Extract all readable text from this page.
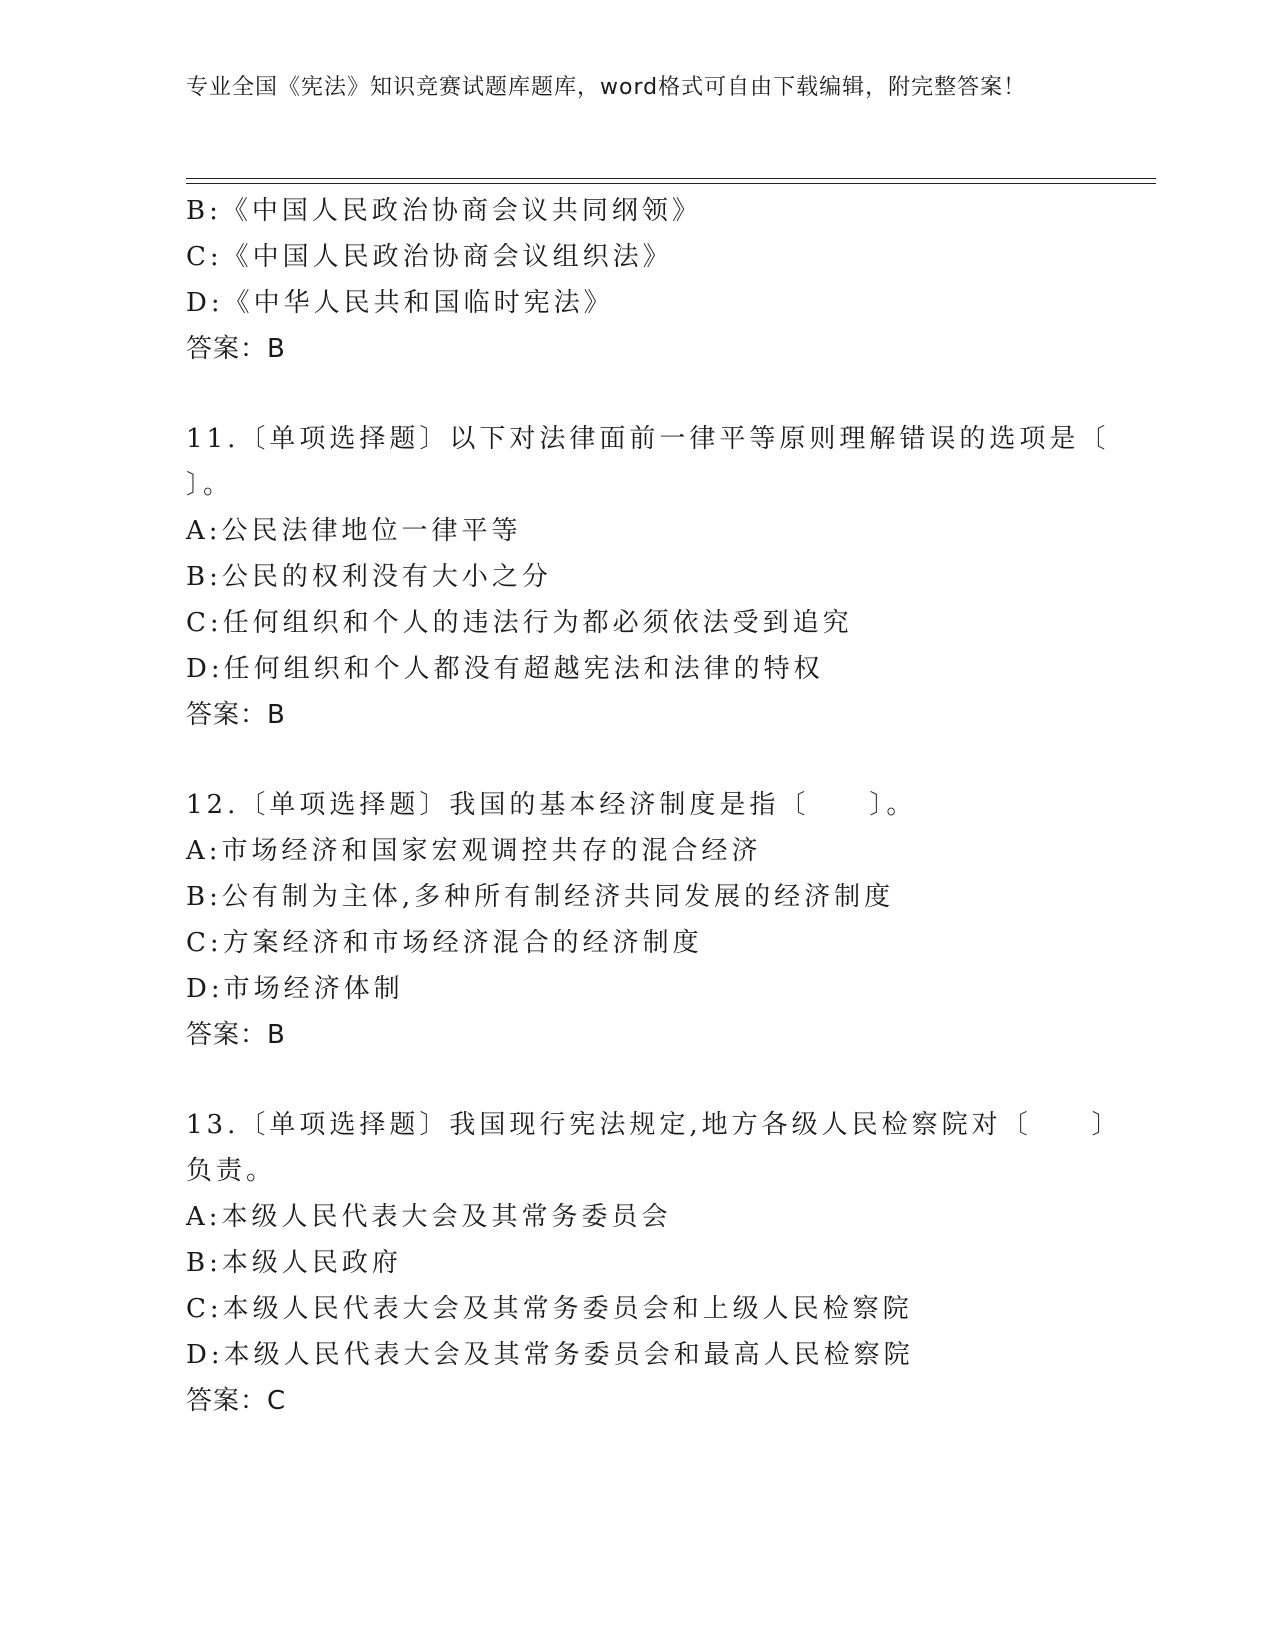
专业全国《宪法》知识竞赛试题库题库，word格式可自由下载编辑，附完整答案！
B:《中国人民政治协商会议共同纲领》
C:《中国人民政治协商会议组织法》
D:《中华人民共和国临时宪法》
答案：B
11.〔单项选择题〕以下对法律面前一律平等原则理解错误的选项是〔
〕。
A:公民法律地位一律平等
B:公民的权利没有大小之分
C:任何组织和个人的违法行为都必须依法受到追究
D:任何组织和个人都没有超越宪法和法律的特权
答案：B
12.〔单项选择题〕我国的基本经济制度是指〔　　〕。
A:市场经济和国家宏观调控共存的混合经济
B:公有制为主体,多种所有制经济共同发展的经济制度
C:方案经济和市场经济混合的经济制度
D:市场经济体制
答案：B
13.〔单项选择题〕我国现行宪法规定,地方各级人民检察院对〔　　〕
负责。
A:本级人民代表大会及其常务委员会
B:本级人民政府
C:本级人民代表大会及其常务委员会和上级人民检察院
D:本级人民代表大会及其常务委员会和最高人民检察院
答案：C
